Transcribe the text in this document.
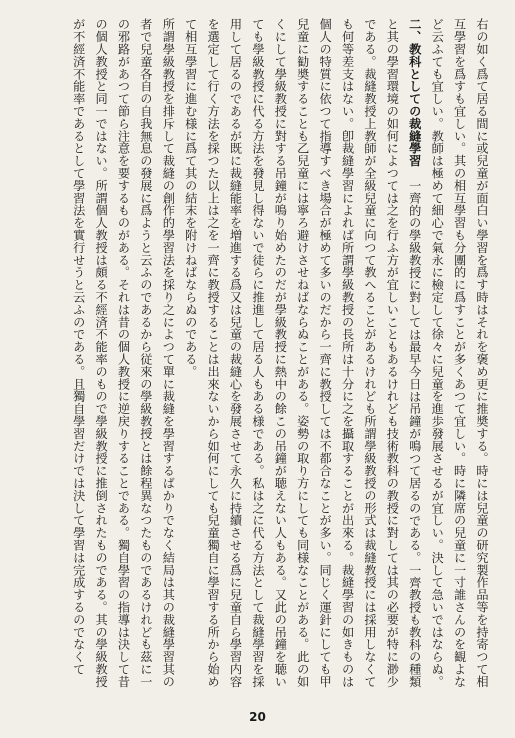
右の如く爲て居る間に或兒童が面白い學習を爲す時はそれを褒め更に推奬する。時には兒童の研究製作品等を持寄つて相互學習を爲すも宜しい。其の相互學習も分團的に爲すことが多くあつて宜しい。時に隣席の兒童に一寸誰さんのを観よなど云ふても宜しい。教師は極めて細心で氣永に檢定して徐々に兒童を進歩發展させるが宜しい。決して急いではならぬ。

二、教科としての裁縫學習　一齊的の學級教授に對しては最早今日は吊鐘が鳴つて居るのである。一齊教授も教科の種類と其の學習環境の如何によつては之を行ふ方が宜しいこともあるけれども技術教科の教授に對しては其の必要が特に渺少である。裁縫教授上教師が全級兒童に向つて教へることがあるけれども所謂學級教授の形式は裁縫教授には採用しなくても何等差支はない。卽裁縫學習によれば所謂學級教授の長所は十分に之を攝取することが出來る。裁縫學習の如きものは個人の特質に依つて指導すべき場合が極めて多いのだから一齊に教授しては不都合なことが多い。同じく運針にしても甲兒童に勧奬することも乙兒童には寧ろ避けさせねばならぬことがある。姿勢の取り方にしても同様なことがある。此の如くにして學級教授に對する吊鐘が鳴り始めたのだが學級教授に熱中の餘この吊鐘が聴えない人もある。又此の吊鐘を聴いても學級教授に代る方法を發見し得ないで徒らに推進して居る人もある様である。私は之に代る方法として裁縫學習を採用して居るのであるが既に裁縫能率を増進する爲又は兒童の裁縫心を發展させて永久に持續させる爲に兒童自ら學習内容を選定して行く方法を採つた以上は之を一齊に教授することは出來ないから如何にしても兒童獨自に學習する所から始めて相互學習に進む様に爲て其の結末を附けねばならぬのである。

所謂學級教授を排斥して裁縫の創作的學習法を採り之によつて單に裁縫を學習するばかりでなく結局は其の裁縫學習其の者で兒童各自の自我無息の發展に爲ようと云ふのであるから従來の學級教授とは餘程異なつたものであるけれども茲に一の邪路があつて節ら注意を要するものがある。それは昔の個人教授に逆戻りすることである。獨自學習の指導は決して昔の個人教授と同一ではない。所謂個人教授は頗る不經済不能率のもので學級教授に推倒されたものである。其の學級教授が不經済不能率であるとして學習法を實行せうと云ふのである。且獨自學習だけでは決して學習は完成するのでなくて

20
